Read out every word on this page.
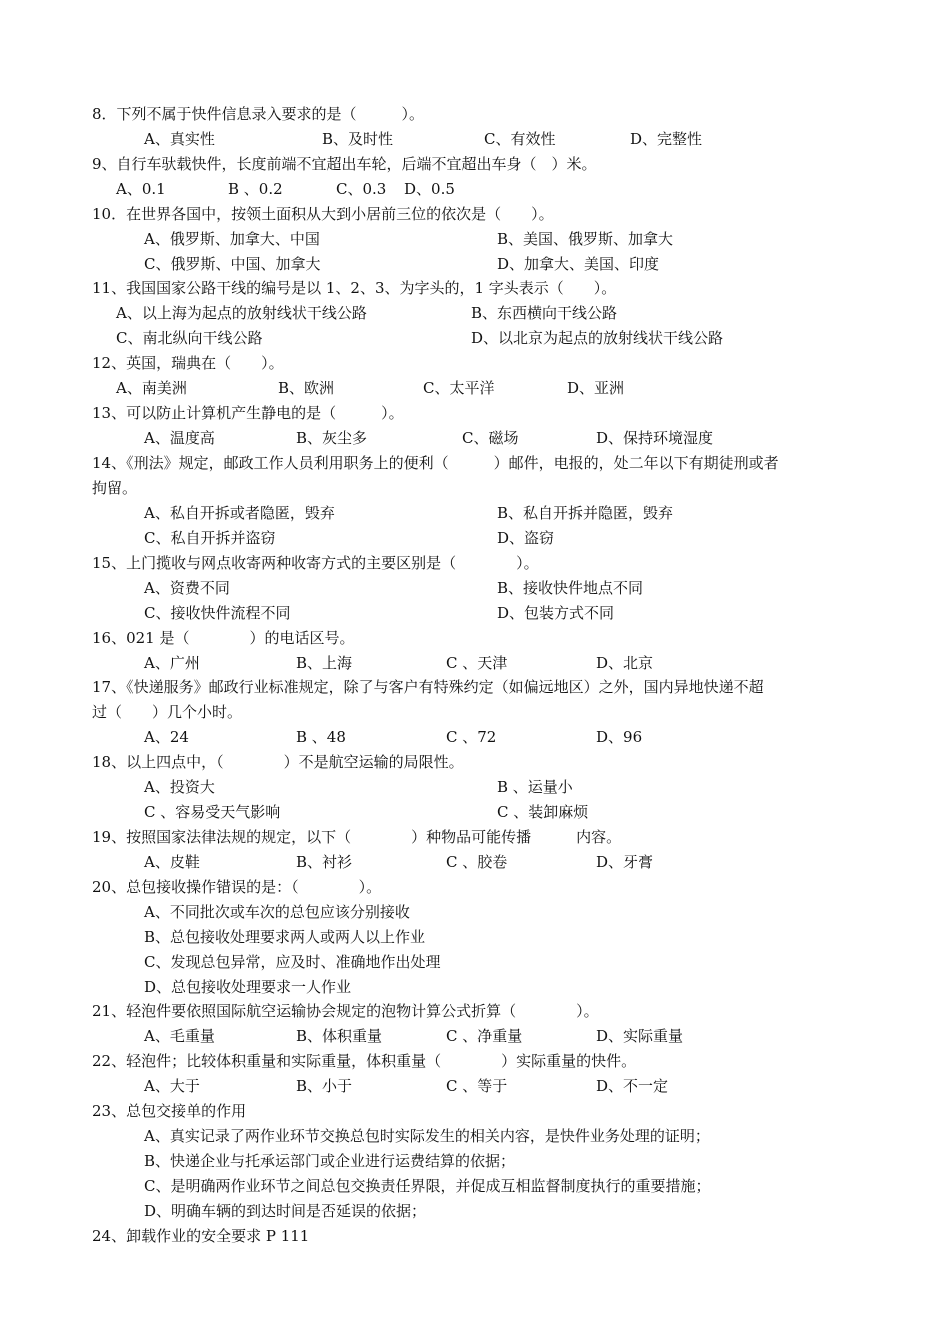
8．下列不属于快件信息录入要求的是（　　　）。
A、真实性	B、及时性	C、有效性	D、完整性
9、自行车驮载快件，长度前端不宜超出车轮，后端不宜超出车身（　）米。
A、0.1	B 、0.2	C、0.3 D、0.5
10．在世界各国中，按领土面积从大到小居前三位的依次是（　　）。
A、俄罗斯、加拿大、中国	B、美国、俄罗斯、加拿大
C、俄罗斯、中国、加拿大	D、加拿大、美国、印度
11、我国国家公路干线的编号是以 1、2、3、为字头的，1 字头表示（　　）。
A、以上海为起点的放射线状干线公路	B、东西横向干线公路
C、南北纵向干线公路	D、以北京为起点的放射线状干线公路
12、英国，瑞典在（　　）。
A、南美洲	B、欧洲	C、太平洋	D、亚洲
13、可以防止计算机产生静电的是（　　　）。
A、温度高	B、灰尘多	C、磁场	D、保持环境湿度
14、《刑法》规定，邮政工作人员利用职务上的便利（　　　）邮件，电报的，处二年以下有期徒刑或者
拘留。
A、私自开拆或者隐匿，毁弃	B、私自开拆并隐匿，毁弃
C、私自开拆并盗窃	D、盗窃
15、上门揽收与网点收寄两种收寄方式的主要区别是（　　　　）。
A、资费不同	B、接收快件地点不同
C、接收快件流程不同	D、包装方式不同
16、021 是（　　　　）的电话区号。
A、广州	B、上海	C 、天津	D、北京
17、《快递服务》邮政行业标准规定，除了与客户有特殊约定（如偏远地区）之外，国内异地快递不超
过（　　）几个小时。
A、24	B 、48	C 、72	D、96
18、以上四点中，（　　　　）不是航空运输的局限性。
A、投资大	B 、运量小
C 、容易受天气影响	C 、装卸麻烦
19、按照国家法律法规的规定，以下（　　　　）种物品可能传播　　　内容。
A、皮鞋	B、衬衫	C 、胶卷	D、牙膏
20、总包接收操作错误的是：（　　　　）。
A、不同批次或车次的总包应该分别接收
B、总包接收处理要求两人或两人以上作业
C、发现总包异常，应及时、准确地作出处理
D、总包接收处理要求一人作业
21、轻泡件要依照国际航空运输协会规定的泡物计算公式折算（　　　　）。
A、毛重量	B、体积重量	C 、净重量	D、实际重量
22、轻泡件；比较体积重量和实际重量，体积重量（　　　　）实际重量的快件。
A、大于	B、小于	C 、等于	D、不一定
23、总包交接单的作用
A、真实记录了两作业环节交换总包时实际发生的相关内容，是快件业务处理的证明；
B、快递企业与托承运部门或企业进行运费结算的依据；
C、是明确两作业环节之间总包交换责任界限，并促成互相监督制度执行的重要措施；
D、明确车辆的到达时间是否延误的依据；
24、卸载作业的安全要求 P 111
